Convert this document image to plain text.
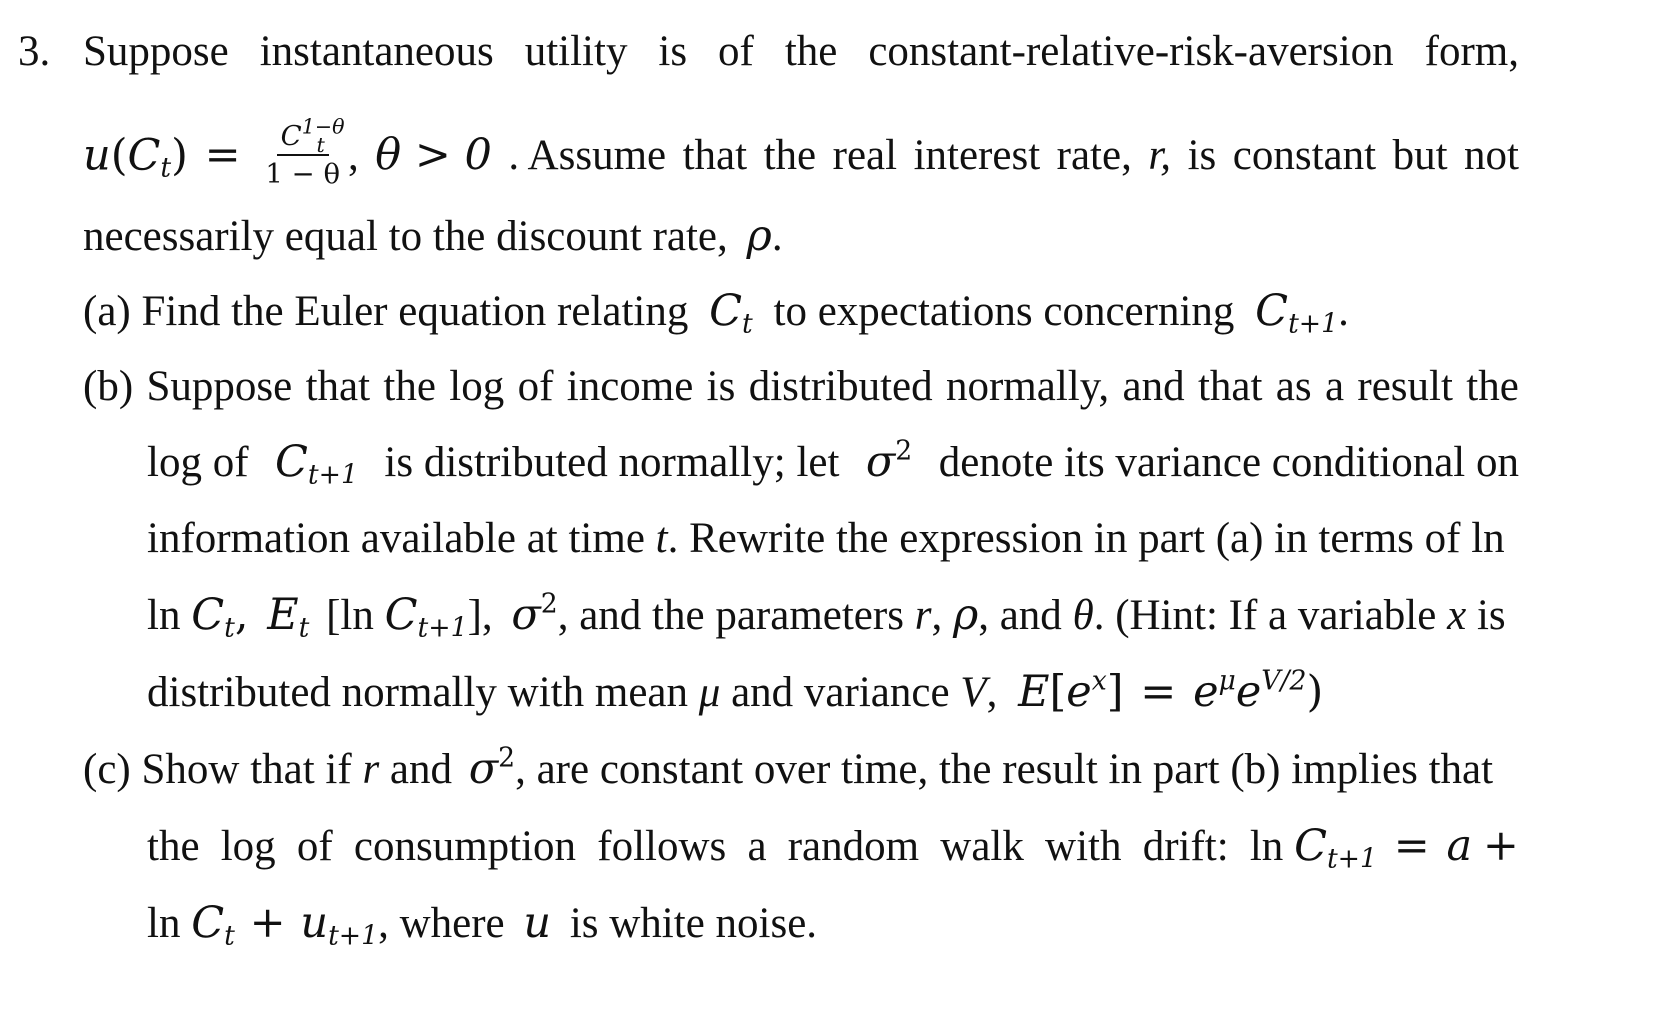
3. Suppose instantaneous utility is of the constant-relative-risk-aversion form,
$u(C_t) = \frac{C^{1-\theta}_t}{1 - \theta}$ , θ > 0 . Assume that the real interest rate, r, is constant but not
necessarily equal to the discount rate, ρ.
(a) Find the Euler equation relating $C_t$ to expectations concerning $C_{t+1}$.
(b) Suppose that the log of income is distributed normally, and that as a result the
log of $C_{t+1}$ is distributed normally; let $\sigma^2$ denote its variance conditional on
information available at time t. Rewrite the expression in part (a) in terms of ln
$\ln C_t$, $E_t$ [ln $C_{t+1}$], $\sigma^2$, and the parameters r, ρ, and θ. (Hint: If a variable x is
distributed normally with mean μ and variance V, $E[e^x] = e^\mu e^{V/2}$)
(c) Show that if r and $\sigma^2$, are constant over time, the result in part (b) implies that
the log of consumption follows a random walk with drift: $\ln C_{t+1} = a$ +
$\ln C_t + u_{t+1}$, where u is white noise.
